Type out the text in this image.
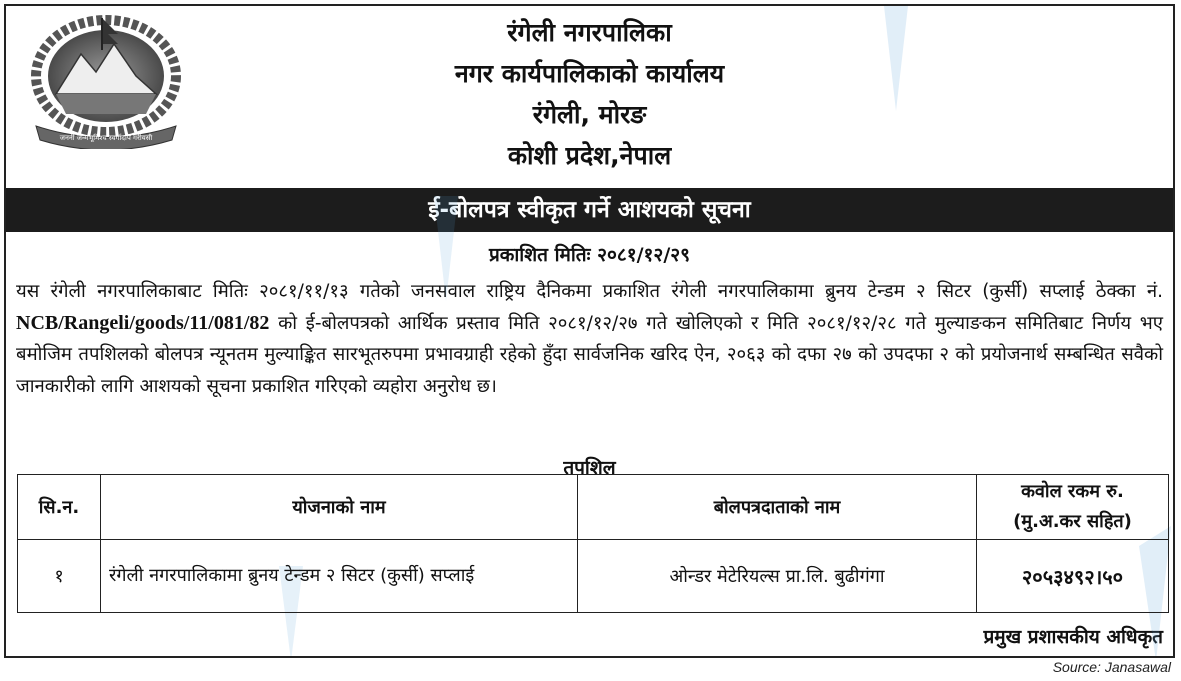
जननी जन्मभूमिश्च स्वर्गादपि गरीयसी
रंगेली नगरपालिका
नगर कार्यपालिकाको कार्यालय
रंगेली, मोरङ
कोशी प्रदेश,नेपाल
ई-बोलपत्र स्वीकृत गर्ने आशयको सूचना
प्रकाशित मितिः २०८१/१२/२९
यस रंगेली नगरपालिकाबाट मितिः २०८१/११/१३ गतेको जनसवाल राष्ट्रिय दैनिकमा प्रकाशित रंगेली नगरपालिकामा ब्रुनय टेन्डम २ सिटर (कुर्सी) सप्लाई ठेक्का नं. NCB/Rangeli/goods/11/081/82 को ई-बोलपत्रको आर्थिक प्रस्ताव मिति २०८१/१२/२७ गते खोलिएको र मिति २०८१/१२/२८ गते मुल्याङकन समितिबाट निर्णय भए बमोजिम तपशिलको बोलपत्र न्यूनतम मुल्याङ्कित सारभूतरुपमा प्रभावग्राही रहेको हुँदा सार्वजनिक खरिद ऐन, २०६३ को दफा २७ को उपदफा २ को प्रयोजनार्थ सम्बन्धित सवैको जानकारीको लागि आशयको सूचना प्रकाशित गरिएको व्यहोरा अनुरोध छ।
तपशिल
प्रमुख प्रशासकीय अधिकृत
सि.न.	योजनाको नाम	बोलपत्रदाताको नाम	कवोल रकम रु.
(मु.अ.कर सहित)

१	रंगेली नगरपालिकामा ब्रुनय टेन्डम २ सिटर (कुर्सी) सप्लाई	ओन्डर मेटेरियल्स प्रा.लि. बुढीगंगा	२०५३४९२।५०
Source: Janasawal
